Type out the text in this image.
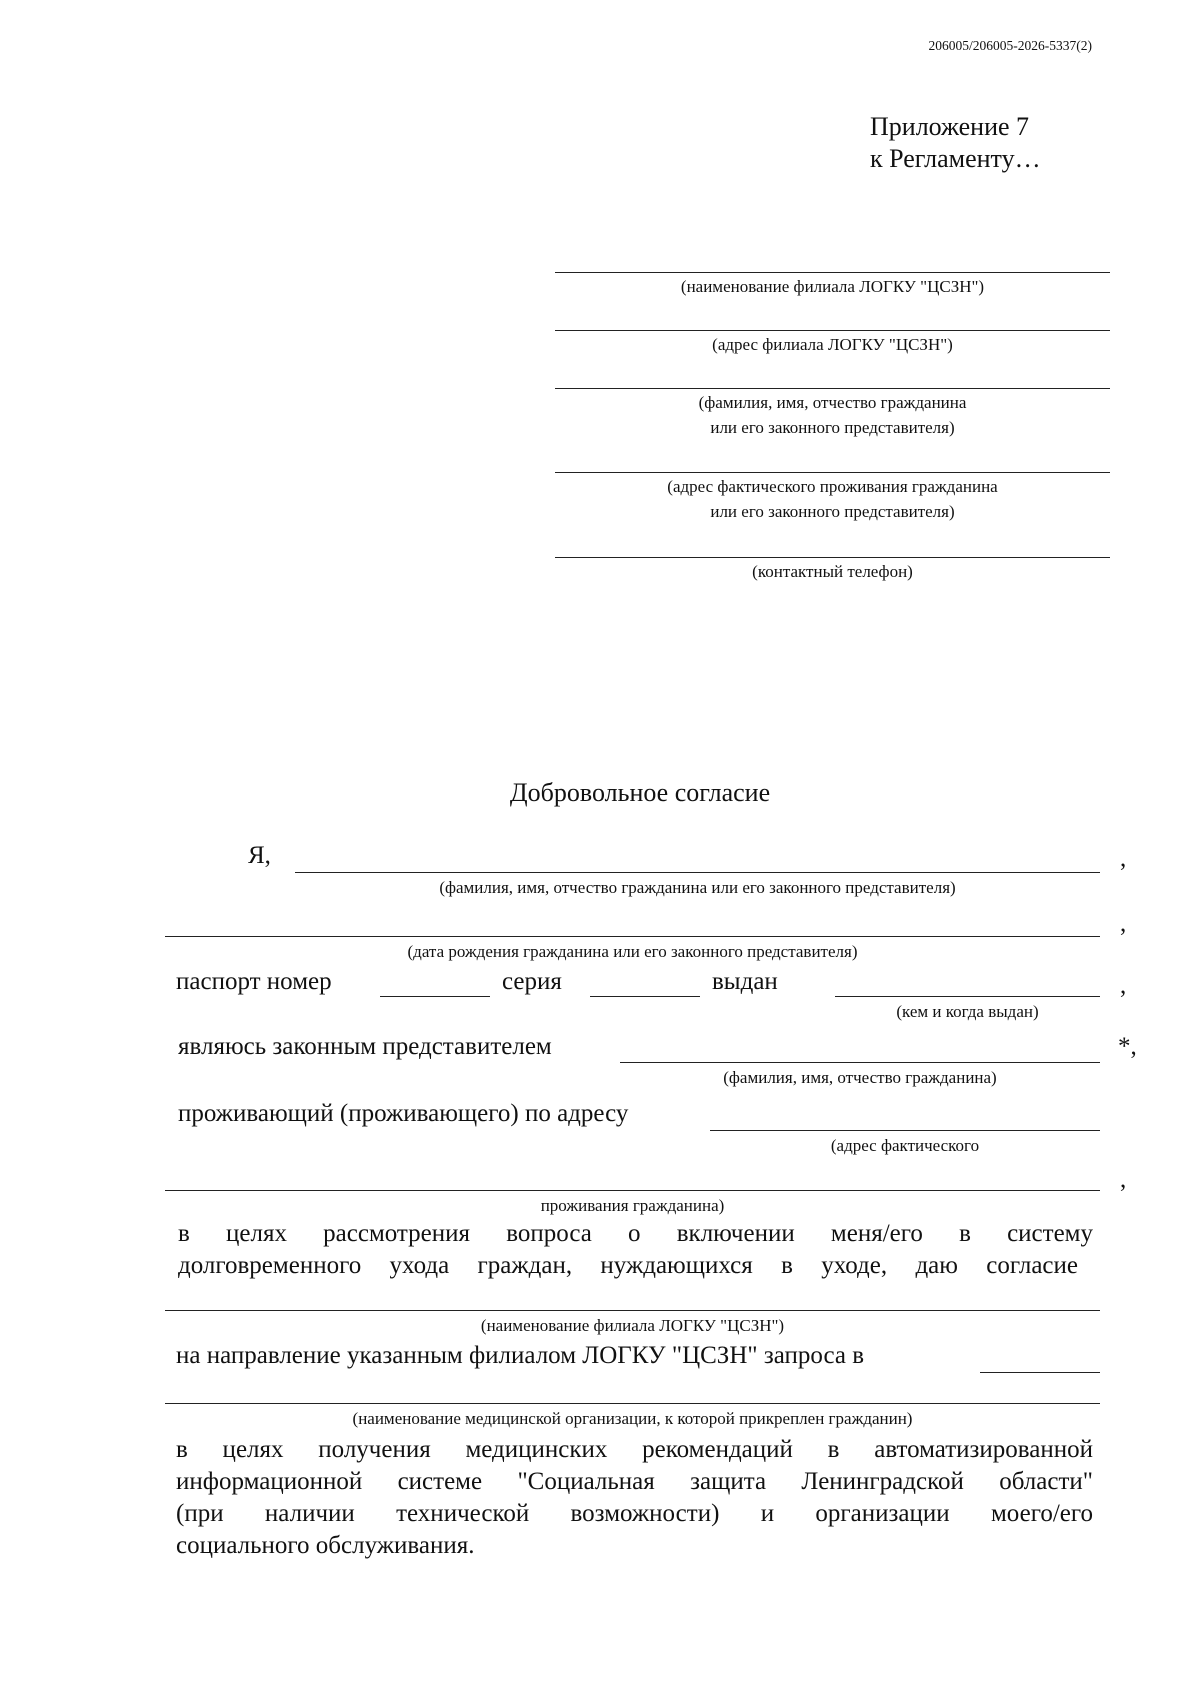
206005/206005-2026-5337(2)
Приложение 7
к Регламенту…
(наименование филиала ЛОГКУ "ЦСЗН")
(адрес филиала ЛОГКУ "ЦСЗН")
(фамилия, имя, отчество гражданина
или его законного представителя)
(адрес фактического проживания гражданина
или его законного представителя)
(контактный телефон)
Добровольное согласие
Я,	,
(фамилия, имя, отчество гражданина или его законного представителя)
,
(дата рождения гражданина или его законного представителя)
паспорт номер	серия	выдан	,
(кем и когда выдан)
являюсь законным представителем	*,
(фамилия, имя, отчество гражданина)
проживающий (проживающего) по адресу
(адрес фактического
,
проживания гражданина)
в целях рассмотрения вопроса о включении меня/его в систему
долговременного ухода граждан, нуждающихся в уходе, даю согласие
(наименование филиала ЛОГКУ "ЦСЗН")
на направление указанным филиалом ЛОГКУ "ЦСЗН" запроса в
(наименование медицинской организации, к которой прикреплен гражданин)
в целях получения медицинских рекомендаций в автоматизированной
информационной системе "Социальная защита Ленинградской области"
(при наличии технической возможности) и организации моего/его
социального обслуживания.
